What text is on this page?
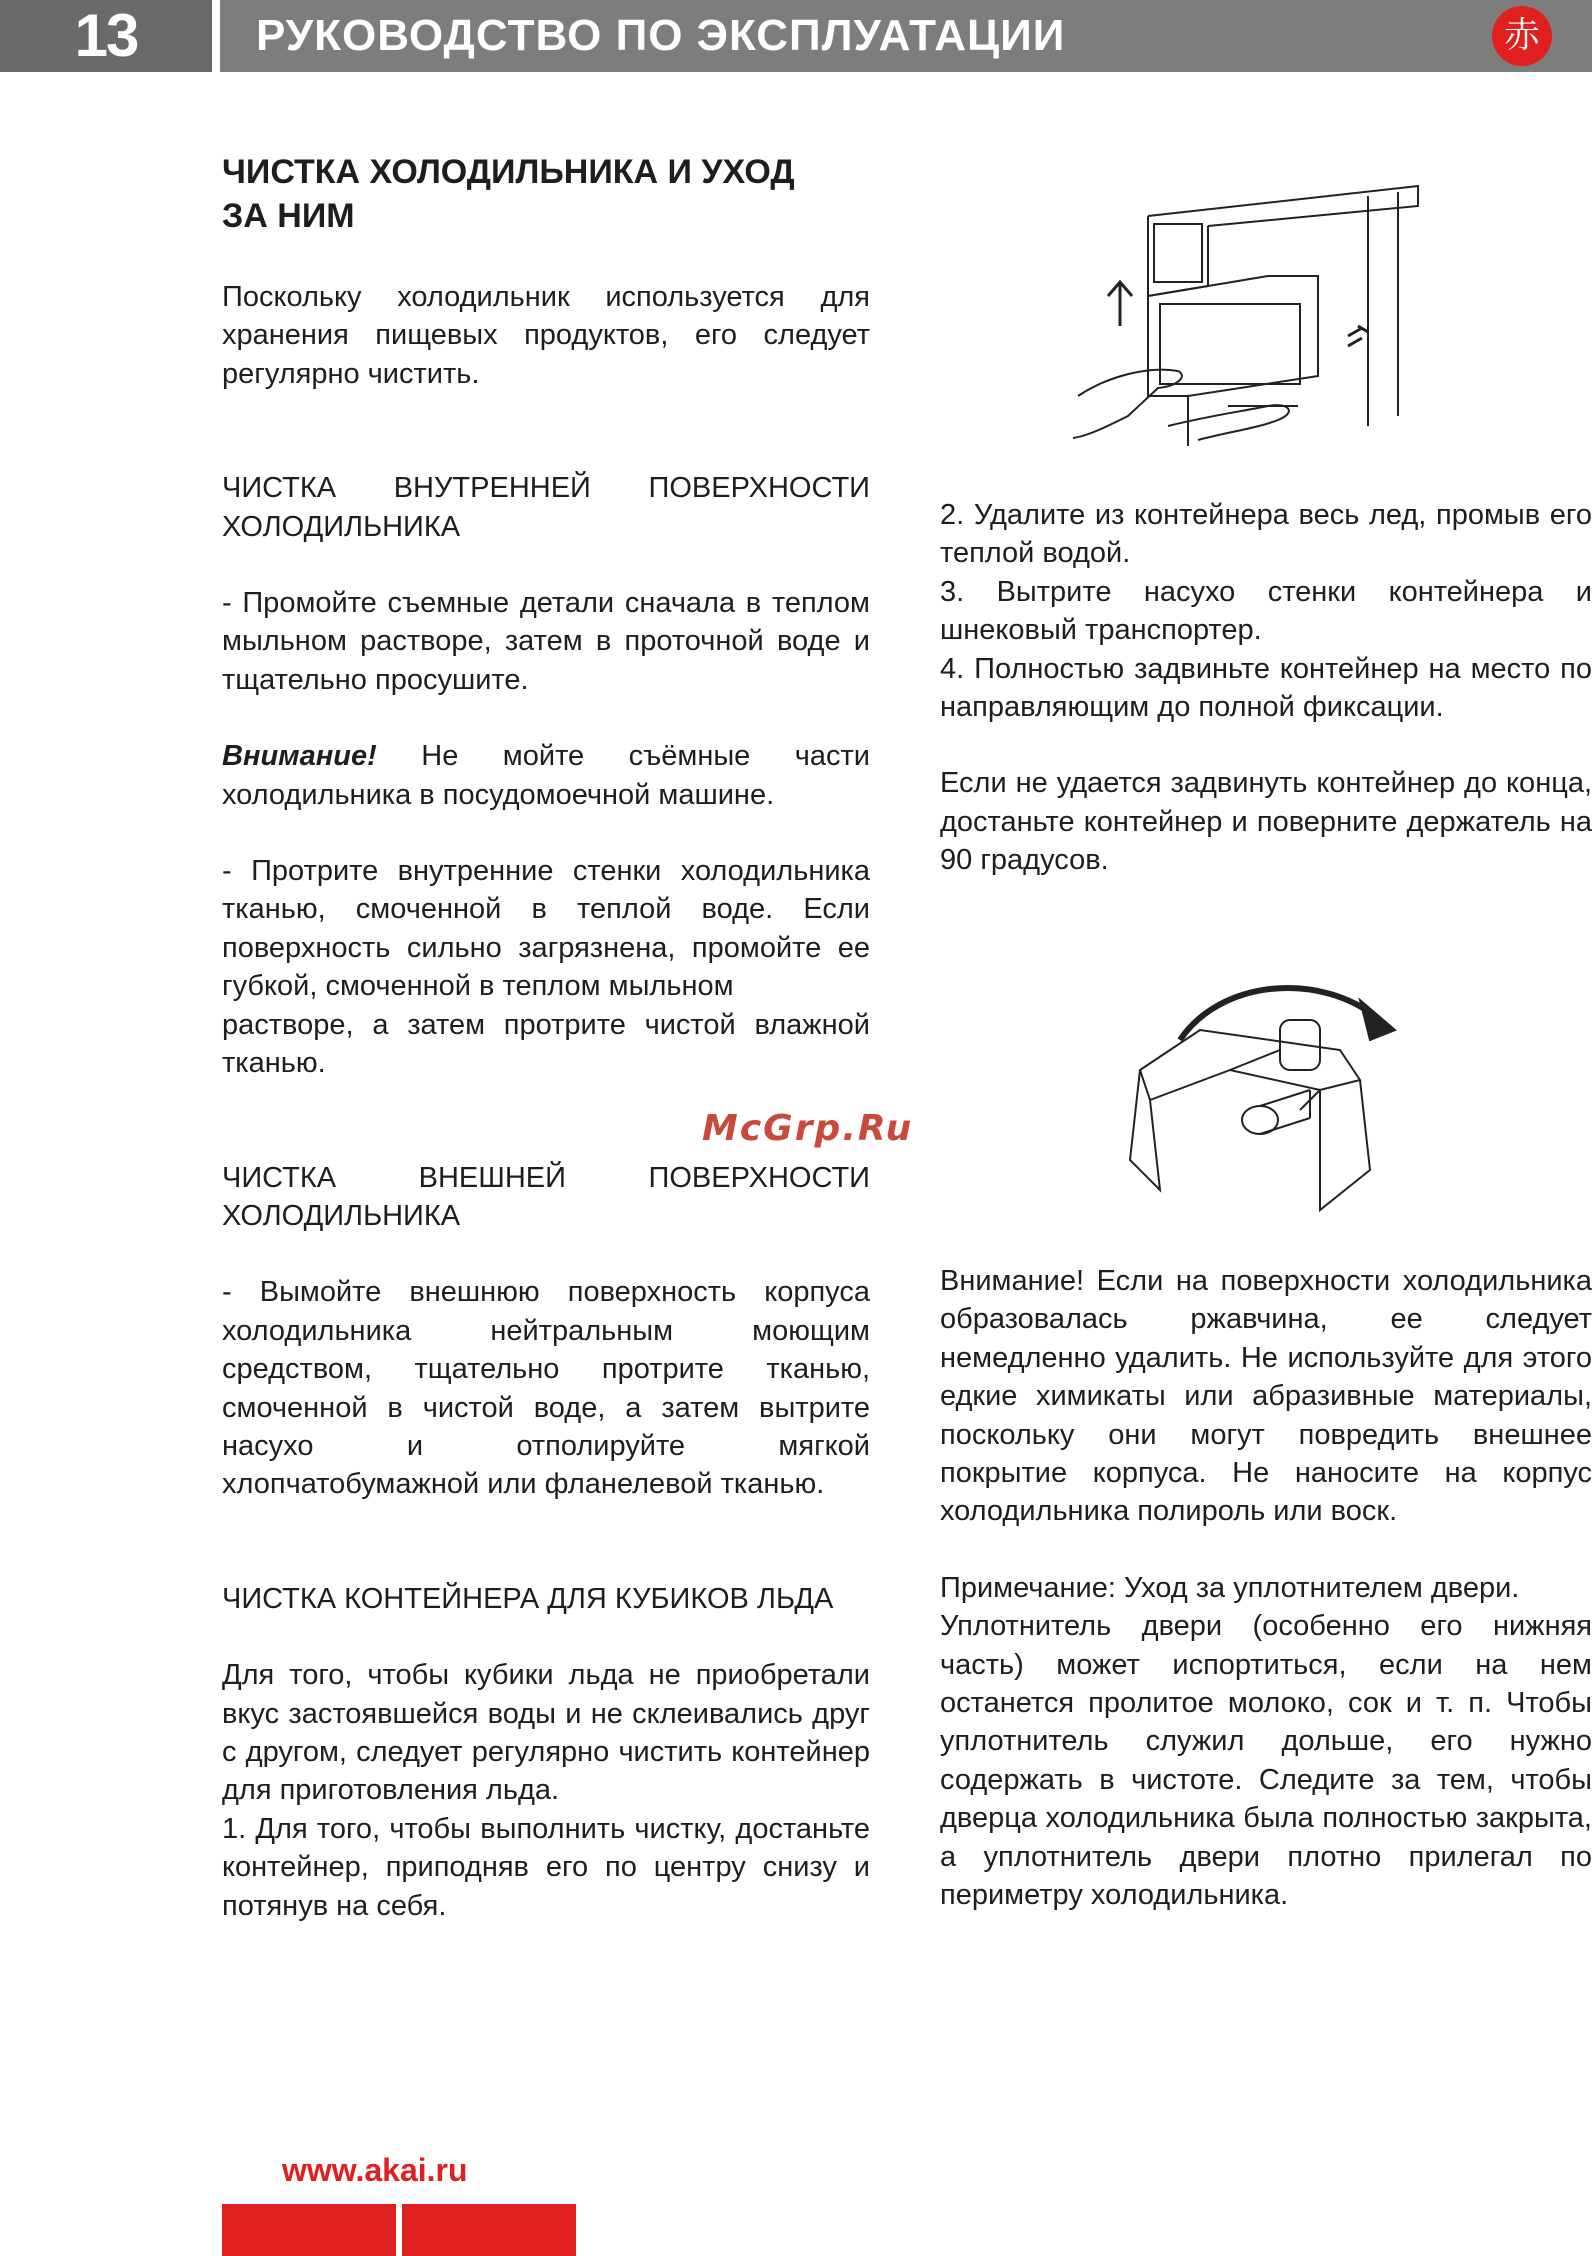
13	РУКОВОДСТВО ПО ЭКСПЛУАТАЦИИ	赤
ЧИСТКА ХОЛОДИЛЬНИКА И УХОД
ЗА НИМ

Поскольку холодильник используется для хранения пищевых продуктов, его следует регулярно чистить.

ЧИСТКА ВНУТРЕННЕЙ ПОВЕРХНОСТИ ХОЛОДИЛЬНИКА

- Промойте съемные детали сначала в теплом мыльном растворе, затем в проточной воде и тщательно просушите.

Внимание! Не мойте съёмные части холодильника в посудомоечной машине.

- Протрите внутренние стенки холодильника тканью, смоченной в теплой воде. Если поверхность сильно загрязнена, промойте ее губкой, смоченной в теплом мыльном

растворе, а затем протрите чистой влажной тканью.

ЧИСТКА ВНЕШНЕЙ ПОВЕРХНОСТИ ХОЛОДИЛЬНИКА

- Вымойте внешнюю поверхность корпуса холодильника нейтральным моющим средством, тщательно протрите тканью, смоченной в чистой воде, а затем вытрите насухо и отполируйте мягкой хлопчатобумажной или фланелевой тканью.

ЧИСТКА КОНТЕЙНЕРА ДЛЯ КУБИКОВ ЛЬДА

Для того, чтобы кубики льда не приобретали вкус застоявшейся воды и не склеивались друг с другом, следует регулярно чистить контейнер для приготовления льда.

1. Для того, чтобы выполнить чистку, достаньте контейнер, приподняв его по центру снизу и потянув на себя.

2. Удалите из контейнера весь лед, промыв его теплой водой.

3. Вытрите насухо стенки контейнера и шнековый транспортер.

4. Полностью задвиньте контейнер на место по направляющим до полной фиксации.

Если не удается задвинуть контейнер до конца, достаньте контейнер и поверните держатель на 90 градусов.

Внимание! Если на поверхности холодильника образовалась ржавчина, ее следует немедленно удалить. Не используйте для этого едкие химикаты или абразивные материалы, поскольку они могут повредить внешнее покрытие корпуса. Не наносите на корпус холодильника полироль или воск.

Примечание: Уход за уплотнителем двери.

Уплотнитель двери (особенно его нижняя часть) может испортиться, если на нем останется пролитое молоко, сок и т. п. Чтобы уплотнитель служил дольше, его нужно содержать в чистоте. Следите за тем, чтобы дверца холодильника была полностью закрыта, а уплотнитель двери плотно прилегал по периметру холодильника.

McGrp.Ru
www.akai.ru
